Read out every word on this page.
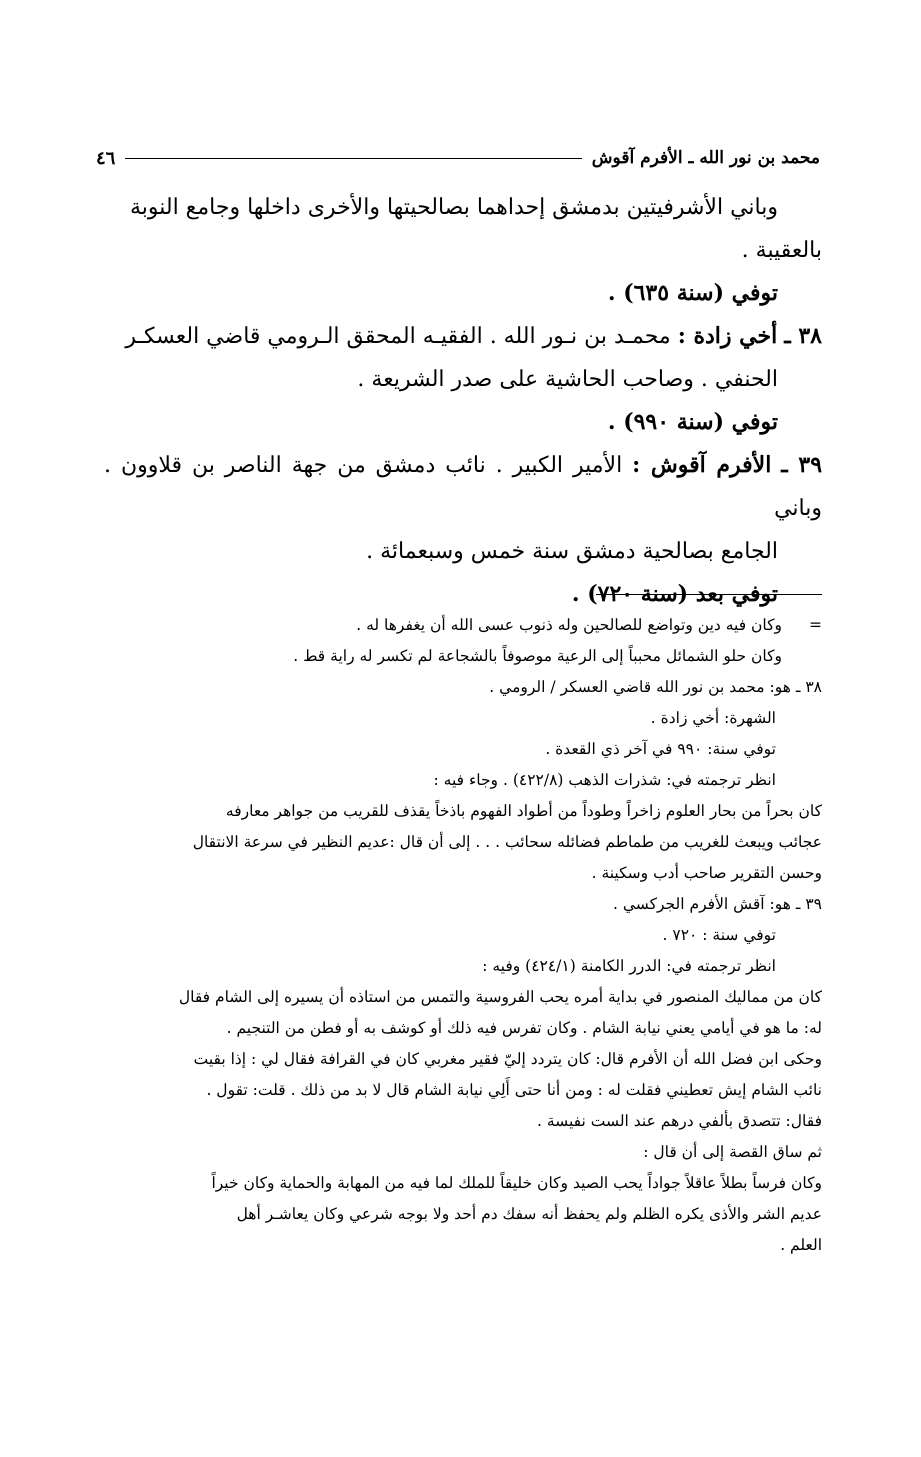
محمد بن نور الله ـ الأفرم آقوش
٤٦

وباني الأشرفيتين بدمشق إحداهما بصالحيتها والأخرى داخلها وجامع النوبة

بالعقيبة .

توفي (سنة ٦٣٥) .

٣٨ ـ أخي زادة : محمـد بن نـور الله . الفقيـه المحقق الـرومي قاضي العسكـر

الحنفي . وصاحب الحاشية على صدر الشريعة .

توفي (سنة ٩٩٠) .

٣٩ ـ الأفرم آقوش : الأمير الكبير . نائب دمشق من جهة الناصر بن قلاوون . وباني

الجامع بصالحية دمشق سنة خمس وسبعمائة .

توفي بعد (سنة ٧٢٠) .

=وكان فيه دين وتواضع للصالحين وله ذنوب عسى الله أن يغفرها له .

وكان حلو الشمائل محبباً إلى الرعية موصوفاً بالشجاعة لم تكسر له راية قط .

٣٨ ـ هو: محمد بن نور الله قاضي العسكر / الرومي .

الشهرة: أخي زادة .

توفي سنة: ٩٩٠ في آخر ذي القعدة .

انظر ترجمته في: شذرات الذهب (٤٢٢/٨) . وجاء فيه :

كان بحراً من بحار العلوم زاخراً وطوداً من أطواد الفهوم باذخاً يقذف للقريب من جواهر معارفه

عجائب ويبعث للغريب من طماطم فضائله سحائب . . . إلى أن قال :عديم النظير في سرعة الانتقال

وحسن التقرير صاحب أدب وسكينة .

٣٩ ـ هو: آقش الأفرم الجركسي .

توفي سنة : ٧٢٠ .

انظر ترجمته في: الدرر الكامنة (٤٢٤/١) وفيه :

كان من مماليك المنصور في بداية أمره يحب الفروسية والتمس من استاذه أن يسيره إلى الشام فقال

له: ما هو في أيامي يعني نيابة الشام . وكان تفرس فيه ذلك أو كوشف به أو فطن من التنجيم .

وحكى ابن فضل الله أن الأفرم قال: كان يتردد إليّ فقير مغربي كان في القرافة فقال لي : إذا بقيت

نائب الشام إيش تعطيني فقلت له : ومن أنا حتى أَلِي نيابة الشام قال لا بد من ذلك . قلت: تقول .

فقال: تتصدق بألفي درهم عند الست نفيسة .

ثم ساق القصة إلى أن قال :

وكان فرساً بطلاً عاقلاً جواداً يحب الصيد وكان خليقاً للملك لما فيه من المهابة والحماية وكان خيراً

عديم الشر والأذى يكره الظلم ولم يحفظ أنه سفك دم أحد ولا بوجه شرعي وكان يعاشـر أهل

العلم .
